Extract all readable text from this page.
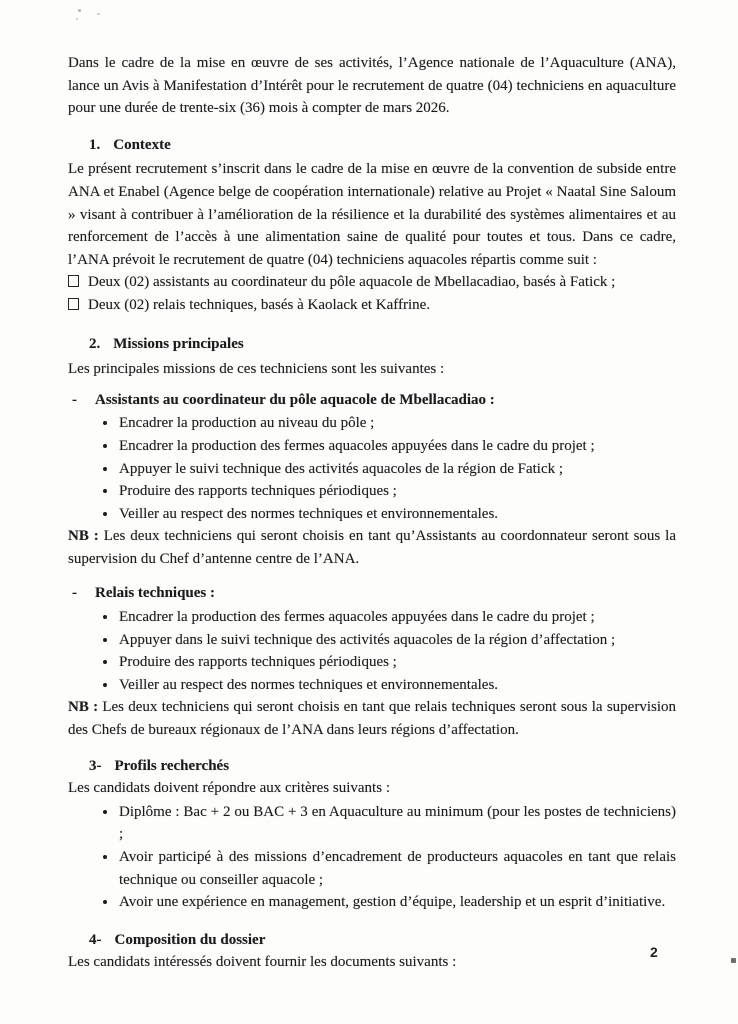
Dans le cadre de la mise en œuvre de ses activités, l’Agence nationale de l’Aquaculture (ANA), lance un Avis à Manifestation d’Intérêt pour le recrutement de quatre (04) techniciens en aquaculture pour une durée de trente-six (36) mois à compter de mars 2026.

1. Contexte

Le présent recrutement s’inscrit dans le cadre de la mise en œuvre de la convention de subside entre ANA et Enabel (Agence belge de coopération internationale) relative au Projet « Naatal Sine Saloum » visant à contribuer à l’amélioration de la résilience et la durabilité des systèmes alimentaires et au renforcement de l’accès à une alimentation saine de qualité pour toutes et tous. Dans ce cadre, l’ANA prévoit le recrutement de quatre (04) techniciens aquacoles répartis comme suit :

Deux (02) assistants au coordinateur du pôle aquacole de Mbellacadiao, basés à Fatick ;
Deux (02) relais techniques, basés à Kaolack et Kaffrine.
2. Missions principales

Les principales missions de ces techniciens sont les suivantes :

-	Assistants au coordinateur du pôle aquacole de Mbellacadiao :
• Encadrer la production au niveau du pôle ;
• Encadrer la production des fermes aquacoles appuyées dans le cadre du projet ;
• Appuyer le suivi technique des activités aquacoles de la région de Fatick ;
• Produire des rapports techniques périodiques ;
• Veiller au respect des normes techniques et environnementales.

NB : Les deux techniciens qui seront choisis en tant qu’Assistants au coordonnateur seront sous la supervision du Chef d’antenne centre de l’ANA.

-	Relais techniques :
• Encadrer la production des fermes aquacoles appuyées dans le cadre du projet ;
• Appuyer dans le suivi technique des activités aquacoles de la région d’affectation ;
• Produire des rapports techniques périodiques ;
• Veiller au respect des normes techniques et environnementales.

NB : Les deux techniciens qui seront choisis en tant que relais techniques seront sous la supervision des Chefs de bureaux régionaux de l’ANA dans leurs régions d’affectation.

3- Profils recherchés

Les candidats doivent répondre aux critères suivants :

• Diplôme : Bac + 2 ou BAC + 3 en Aquaculture au minimum (pour les postes de techniciens) ;
• Avoir participé à des missions d’encadrement de producteurs aquacoles en tant que relais technique ou conseiller aquacole ;
• Avoir une expérience en management, gestion d’équipe, leadership et un esprit d’initiative.
4- Composition du dossier

Les candidats intéressés doivent fournir les documents suivants :

2
